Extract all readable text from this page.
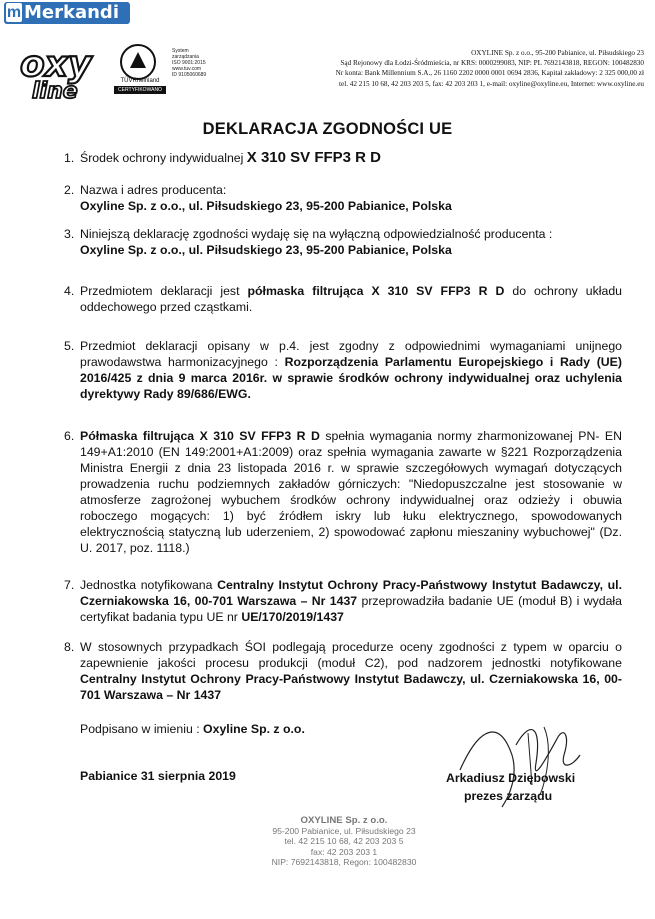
m Merkandi
oxy
line	TÜVRheinland
CERTYFIKOWANO
System
zarządzania
ISO 9001:2015
www.tuv.com
ID 9105060689
OXYLINE Sp. z o.o., 95-200 Pabianice, ul. Piłsudskiego 23
Sąd Rejonowy dla Łodzi-Śródmieścia, nr KRS: 0000299083, NIP: PL 7692143818, REGON: 100482830
Nr konta: Bank Millennium S.A., 26 1160 2202 0000 0001 0694 2836, Kapitał zakładowy: 2 325 000,00 zł
tel. 42 215 10 68, 42 203 203 5, fax: 42 203 203 1, e-mail: oxyline@oxyline.eu, Internet: www.oxyline.eu
DEKLARACJA ZGODNOŚCI UE
1. Środek ochrony indywidualnej X 310 SV FFP3 R D
2. Nazwa i adres producenta:
Oxyline Sp. z o.o., ul. Piłsudskiego 23, 95-200 Pabianice, Polska
3. Niniejszą deklarację zgodności wydaję się na wyłączną odpowiedzialność producenta :
Oxyline Sp. z o.o., ul. Piłsudskiego 23, 95-200 Pabianice, Polska
4. Przedmiotem deklaracji jest półmaska filtrująca X 310 SV FFP3 R D do ochrony układu oddechowego przed cząstkami.
5. Przedmiot deklaracji opisany w p.4. jest zgodny z odpowiednimi wymaganiami unijnego prawodawstwa harmonizacyjnego : Rozporządzenia Parlamentu Europejskiego i Rady (UE) 2016/425 z dnia 9 marca 2016r. w sprawie środków ochrony indywidualnej oraz uchylenia dyrektywy Rady 89/686/EWG.
6. Półmaska filtrująca X 310 SV FFP3 R D spełnia wymagania normy zharmonizowanej PN- EN 149+A1:2010 (EN 149:2001+A1:2009) oraz spełnia wymagania zawarte w §221 Rozporządzenia Ministra Energii z dnia 23 listopada 2016 r. w sprawie szczegółowych wymagań dotyczących prowadzenia ruchu podziemnych zakładów górniczych: "Niedopuszczalne jest stosowanie w atmosferze zagrożonej wybuchem środków ochrony indywidualnej oraz odzieży i obuwia roboczego mogących: 1) być źródłem iskry lub łuku elektrycznego, spowodowanych elektrycznością statyczną lub uderzeniem, 2) spowodować zapłonu mieszaniny wybuchowej" (Dz. U. 2017, poz. 1118.)
7. Jednostka notyfikowana Centralny Instytut Ochrony Pracy-Państwowy Instytut Badawczy, ul. Czerniakowska 16, 00-701 Warszawa – Nr 1437 przeprowadziła badanie UE (moduł B) i wydała certyfikat badania typu UE nr UE/170/2019/1437
8. W stosownych przypadkach ŚOI podlegają procedurze oceny zgodności z typem w oparciu o zapewnienie jakości procesu produkcji (moduł C2), pod nadzorem jednostki notyfikowane Centralny Instytut Ochrony Pracy-Państwowy Instytut Badawczy, ul. Czerniakowska 16, 00-701 Warszawa – Nr 1437
Podpisano w imieniu : Oxyline Sp. z o.o.
Pabianice 31 sierpnia 2019	Arkadiusz Dziębowski
prezes zarządu
OXYLINE Sp. z o.o.
95-200 Pabianice, ul. Piłsudskiego 23
tel. 42 215 10 68, 42 203 203 5
fax: 42 203 203 1
NIP: 7692143818, Regon: 100482830
